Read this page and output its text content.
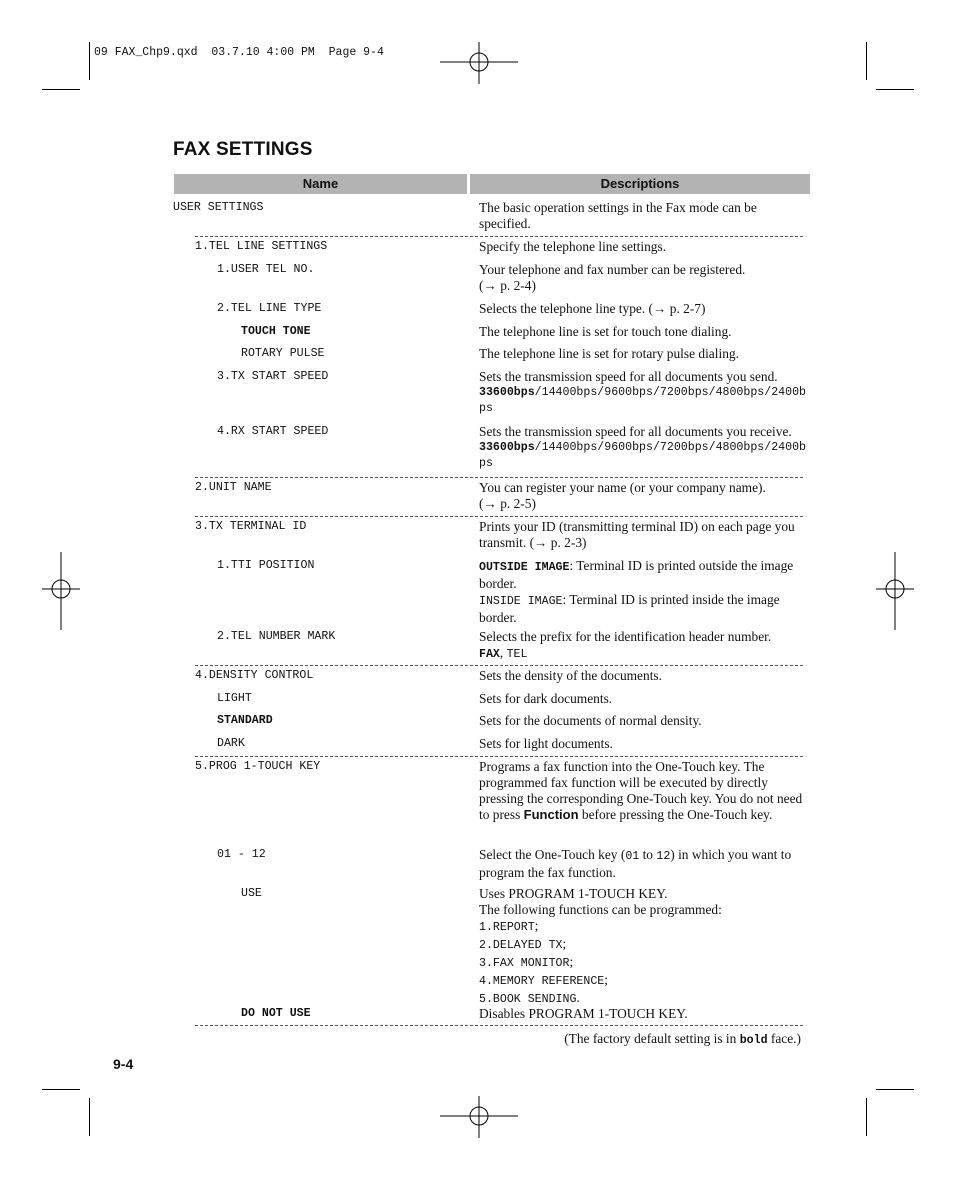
09 FAX_Chp9.qxd  03.7.10 4:00 PM  Page 9-4
FAX SETTINGS
Name	Descriptions
USER SETTINGS	The basic operation settings in the Fax mode can be specified.
1.TEL LINE SETTINGS	Specify the telephone line settings.
1.USER TEL NO.	Your telephone and fax number can be registered.
(→ p. 2-4)
2.TEL LINE TYPE	Selects the telephone line type. (→ p. 2-7)
TOUCH TONE	The telephone line is set for touch tone dialing.
ROTARY PULSE	The telephone line is set for rotary pulse dialing.
3.TX START SPEED	Sets the transmission speed for all documents you send.
33600bps/14400bps/9600bps/7200bps/4800bps/2400bps
4.RX START SPEED	Sets the transmission speed for all documents you receive.
33600bps/14400bps/9600bps/7200bps/4800bps/2400bps
2.UNIT NAME	You can register your name (or your company name).
(→ p. 2-5)
3.TX TERMINAL ID	Prints your ID (transmitting terminal ID) on each page you transmit. (→ p. 2-3)
1.TTI POSITION	OUTSIDE IMAGE: Terminal ID is printed outside the image border.
INSIDE IMAGE: Terminal ID is printed inside the image border.
2.TEL NUMBER MARK	Selects the prefix for the identification header number.
FAX, TEL
4.DENSITY CONTROL	Sets the density of the documents.
LIGHT	Sets for dark documents.
STANDARD	Sets for the documents of normal density.
DARK	Sets for light documents.
5.PROG 1-TOUCH KEY	Programs a fax function into the One-Touch key. The programmed fax function will be executed by directly pressing the corresponding One-Touch key. You do not need to press Function before pressing the One-Touch key.
01 - 12	Select the One-Touch key (01 to 12) in which you want to program the fax function.
USE	Uses PROGRAM 1-TOUCH KEY.
The following functions can be programmed:
1.REPORT;
2.DELAYED TX;
3.FAX MONITOR;
4.MEMORY REFERENCE;
5.BOOK SENDING.
DO NOT USE	Disables PROGRAM 1-TOUCH KEY.
(The factory default setting is in bold face.)
9-4
